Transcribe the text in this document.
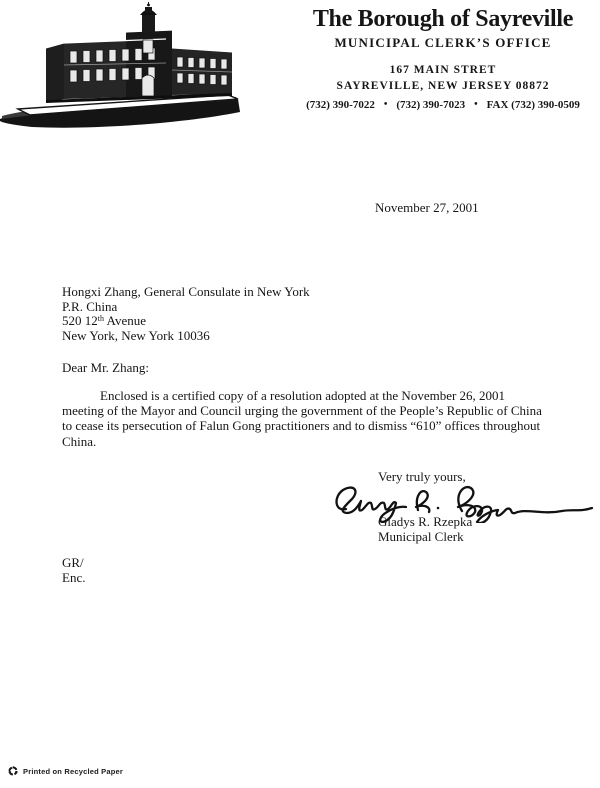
The Borough of Sayreville
MUNICIPAL CLERK’S OFFICE
167 MAIN STRET
SAYREVILLE, NEW JERSEY 08872
(732) 390-7022 • (732) 390-7023 • FAX (732) 390-0509
November 27, 2001
Hongxi Zhang, General Consulate in New York
P.R. China
520 12th Avenue
New York, New York 10036
Dear Mr. Zhang:
Enclosed is a certified copy of a resolution adopted at the November 26, 2001 meeting of the Mayor and Council urging the government of the People’s Republic of China to cease its persecution of Falun Gong practitioners and to dismiss “610” offices throughout China.
Very truly yours,
Gladys R. Rzepka
Municipal Clerk
GR/
Enc.
Printed on Recycled Paper
